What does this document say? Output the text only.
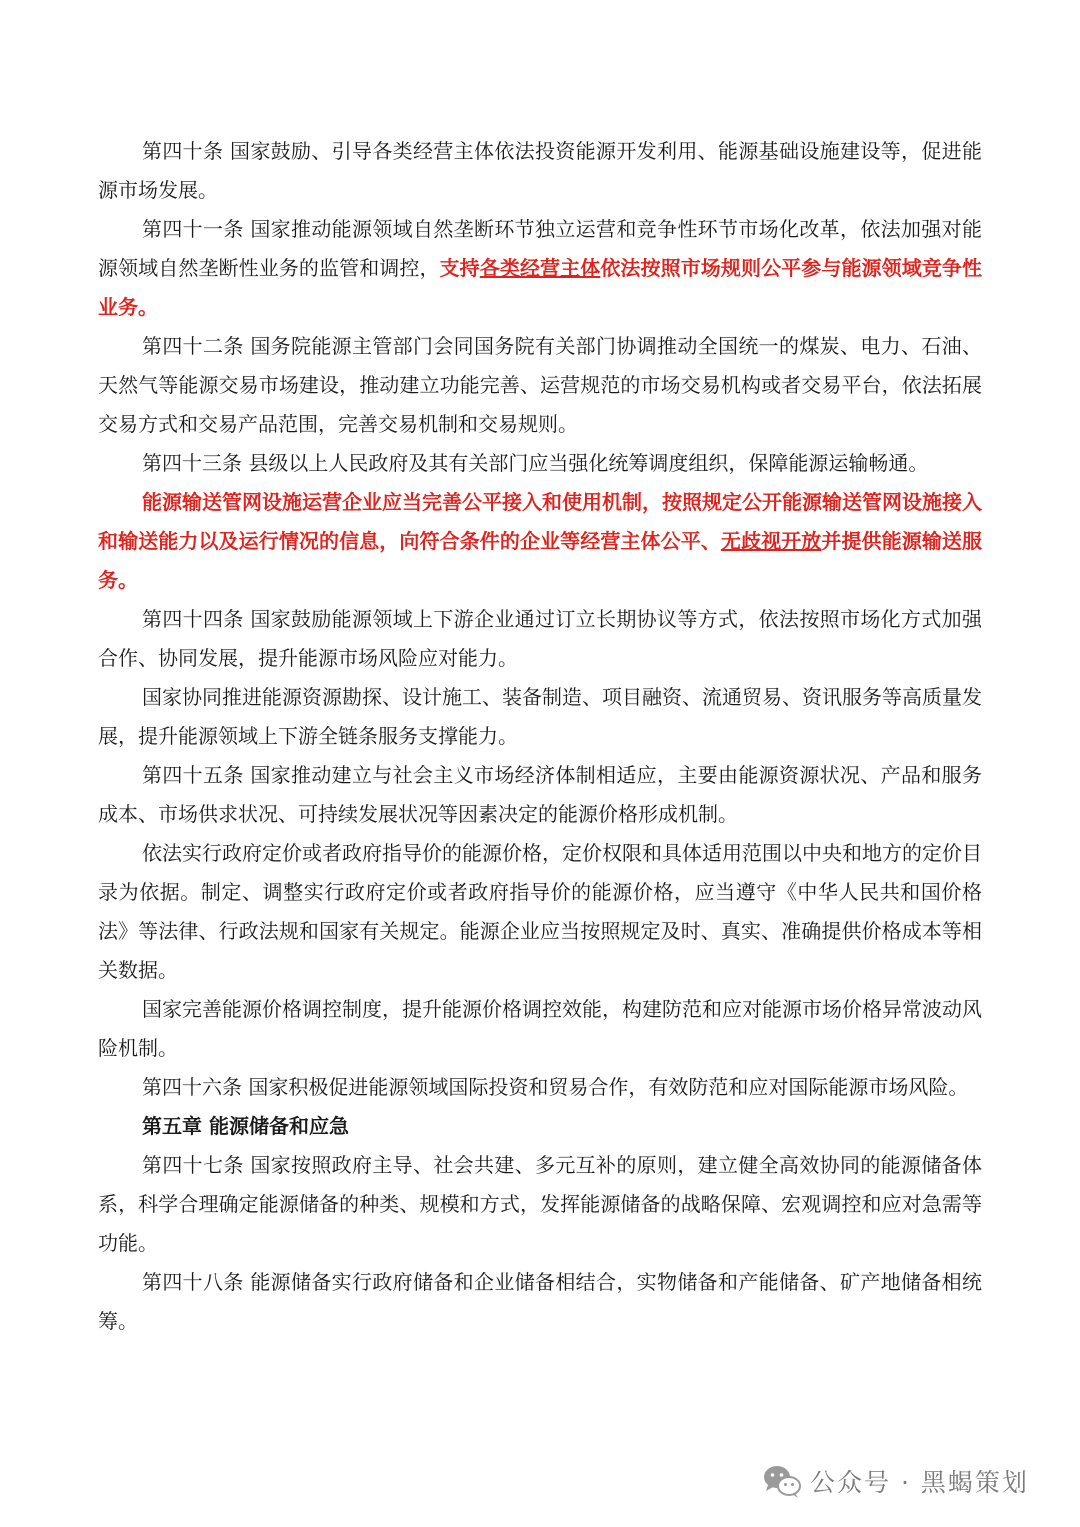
第四十条 国家鼓励、引导各类经营主体依法投资能源开发利用、能源基础设施建设等，促进能源市场发展。

第四十一条 国家推动能源领域自然垄断环节独立运营和竞争性环节市场化改革，依法加强对能源领域自然垄断性业务的监管和调控，支持各类经营主体依法按照市场规则公平参与能源领域竞争性业务。

第四十二条 国务院能源主管部门会同国务院有关部门协调推动全国统一的煤炭、电力、石油、天然气等能源交易市场建设，推动建立功能完善、运营规范的市场交易机构或者交易平台，依法拓展交易方式和交易产品范围，完善交易机制和交易规则。

第四十三条 县级以上人民政府及其有关部门应当强化统筹调度组织，保障能源运输畅通。

能源输送管网设施运营企业应当完善公平接入和使用机制，按照规定公开能源输送管网设施接入和输送能力以及运行情况的信息，向符合条件的企业等经营主体公平、无歧视开放并提供能源输送服务。

第四十四条 国家鼓励能源领域上下游企业通过订立长期协议等方式，依法按照市场化方式加强合作、协同发展，提升能源市场风险应对能力。

国家协同推进能源资源勘探、设计施工、装备制造、项目融资、流通贸易、资讯服务等高质量发展，提升能源领域上下游全链条服务支撑能力。

第四十五条 国家推动建立与社会主义市场经济体制相适应，主要由能源资源状况、产品和服务成本、市场供求状况、可持续发展状况等因素决定的能源价格形成机制。

依法实行政府定价或者政府指导价的能源价格，定价权限和具体适用范围以中央和地方的定价目录为依据。制定、调整实行政府定价或者政府指导价的能源价格，应当遵守《中华人民共和国价格法》等法律、行政法规和国家有关规定。能源企业应当按照规定及时、真实、准确提供价格成本等相关数据。

国家完善能源价格调控制度，提升能源价格调控效能，构建防范和应对能源市场价格异常波动风险机制。

第四十六条 国家积极促进能源领域国际投资和贸易合作，有效防范和应对国际能源市场风险。

第五章 能源储备和应急

第四十七条 国家按照政府主导、社会共建、多元互补的原则，建立健全高效协同的能源储备体系，科学合理确定能源储备的种类、规模和方式，发挥能源储备的战略保障、宏观调控和应对急需等功能。

第四十八条 能源储备实行政府储备和企业储备相结合，实物储备和产能储备、矿产地储备相统筹。

公众号 · 黑蝎策划
